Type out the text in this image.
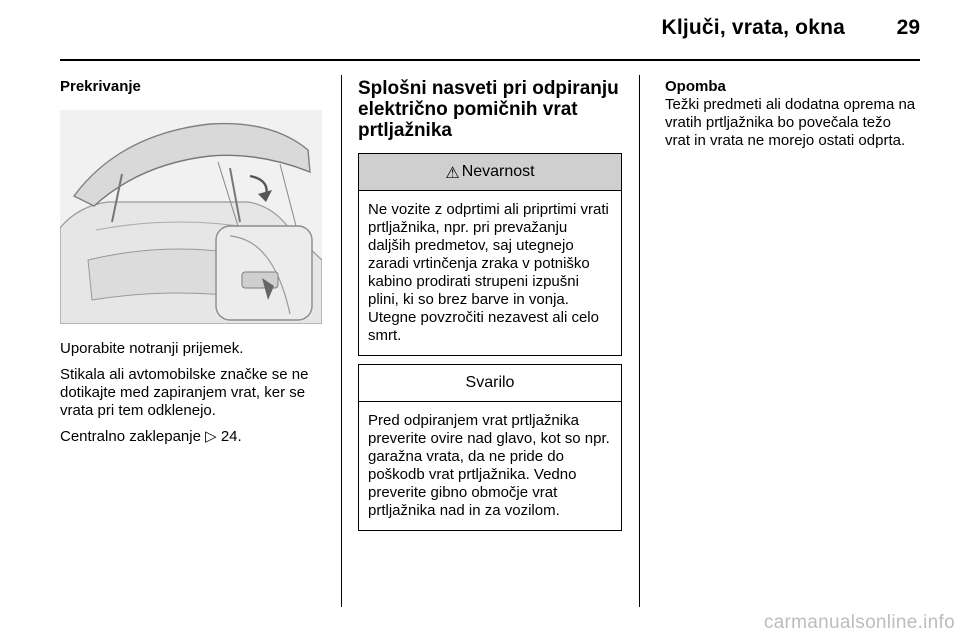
Ključi, vrata, okna	29
Prekrivanje

Uporabite notranji prijemek.

Stikala ali avtomobilske značke se ne dotikajte med zapiranjem vrat, ker se vrata pri tem odklenejo.

Centralno zaklepanje ▷ 24.

Splošni nasveti pri odpiranju električno pomičnih vrat prtljažnika
⚠ Nevarnost
Ne vozite z odprtimi ali priprtimi vrati prtljažnika, npr. pri prevažanju daljših predmetov, saj utegnejo zaradi vrtinčenja zraka v potniško kabino prodirati strupeni izpušni plini, ki so brez barve in vonja. Utegne povzročiti nezavest ali celo smrt.
Svarilo
Pred odpiranjem vrat prtljažnika preverite ovire nad glavo, kot so npr. garažna vrata, da ne pride do poškodb vrat prtljažnika. Vedno preverite gibno območje vrat prtljažnika nad in za vozilom.
Opomba
Težki predmeti ali dodatna oprema na vratih prtljažnika bo povečala težo vrat in vrata ne morejo ostati odprta.
carmanualsonline.info
